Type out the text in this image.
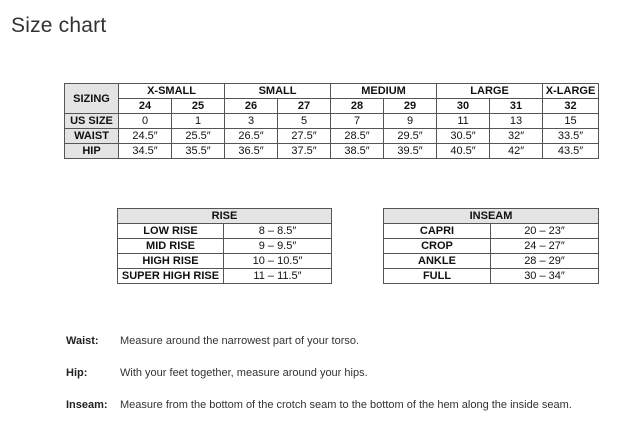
Size chart
SIZING	X-SMALL		SMALL		MEDIUM		LARGE		X-LARGE
	24	25	26	27	28	29	30	31	32
US SIZE	0	1	3	5	7	9	11	13	15
WAIST	24.5″	25.5″	26.5″	27.5″	28.5″	29.5″	30.5″	32″	33.5″
HIP	34.5″	35.5″	36.5″	37.5″	38.5″	39.5″	40.5″	42″	43.5″
RISE	
LOW RISE	8 – 8.5″
MID RISE	9 – 9.5″
HIGH RISE	10 – 10.5″
SUPER HIGH RISE	11 – 11.5″
INSEAM	
CAPRI	20 – 23″
CROP	24 – 27″
ANKLE	28 – 29″
FULL	30 – 34″
Waist: Measure around the narrowest part of your torso.
Hip:	With your feet together, measure around your hips.
Inseam: Measure from the bottom of the crotch seam to the bottom of the hem along the inside seam.
